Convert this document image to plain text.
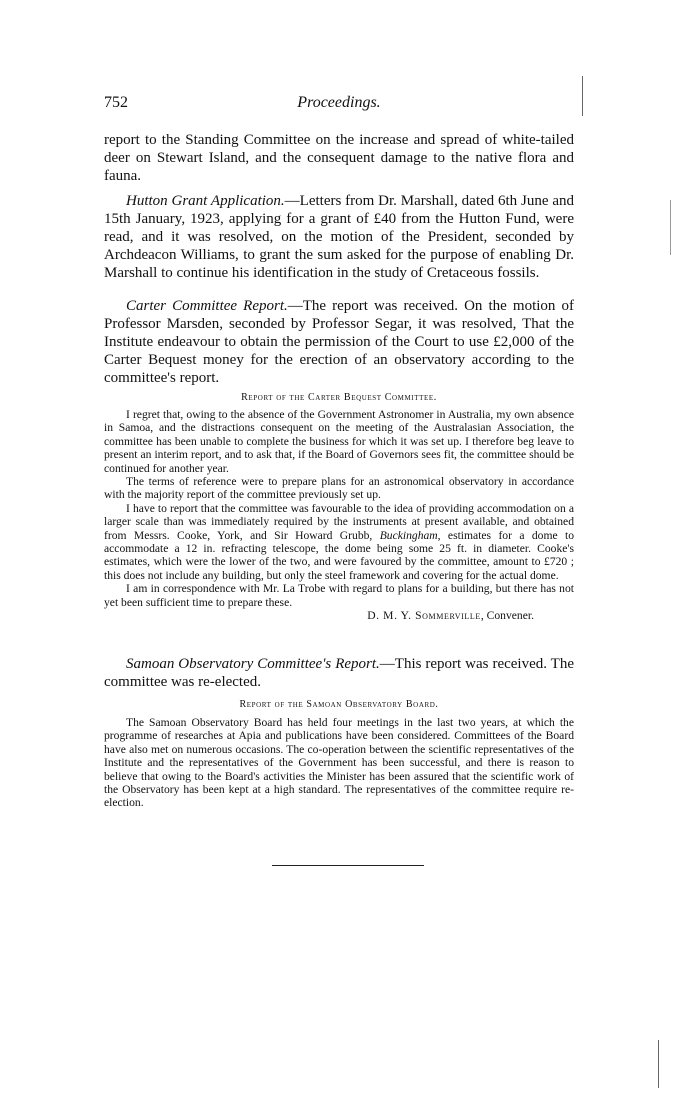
752	Proceedings.

report to the Standing Committee on the increase and spread of white-tailed deer on Stewart Island, and the consequent damage to the native flora and fauna.

Hutton Grant Application.—Letters from Dr. Marshall, dated 6th June and 15th January, 1923, applying for a grant of £40 from the Hutton Fund, were read, and it was resolved, on the motion of the President, seconded by Archdeacon Williams, to grant the sum asked for the purpose of enabling Dr. Marshall to continue his identification in the study of Cretaceous fossils.

Carter Committee Report.—The report was received. On the motion of Professor Marsden, seconded by Professor Segar, it was resolved, That the Institute endeavour to obtain the permission of the Court to use £2,000 of the Carter Bequest money for the erection of an observatory according to the committee's report.

Report of the Carter Bequest Committee.

I regret that, owing to the absence of the Government Astronomer in Australia, my own absence in Samoa, and the distractions consequent on the meeting of the Australasian Association, the committee has been unable to complete the business for which it was set up. I therefore beg leave to present an interim report, and to ask that, if the Board of Governors sees fit, the committee should be continued for another year.

The terms of reference were to prepare plans for an astronomical observatory in accordance with the majority report of the committee previously set up.

I have to report that the committee was favourable to the idea of providing accommodation on a larger scale than was immediately required by the instruments at present available, and obtained from Messrs. Cooke, York, and Sir Howard Grubb, Buckingham, estimates for a dome to accommodate a 12 in. refracting telescope, the dome being some 25 ft. in diameter. Cooke's estimates, which were the lower of the two, and were favoured by the committee, amount to £720 ; this does not include any building, but only the steel framework and covering for the actual dome.

I am in correspondence with Mr. La Trobe with regard to plans for a building, but there has not yet been sufficient time to prepare these.

D. M. Y. Sommerville, Convener.

Samoan Observatory Committee's Report.—This report was received. The committee was re-elected.

Report of the Samoan Observatory Board.

The Samoan Observatory Board has held four meetings in the last two years, at which the programme of researches at Apia and publications have been considered. Committees of the Board have also met on numerous occasions. The co-operation between the scientific representatives of the Institute and the representatives of the Government has been successful, and there is reason to believe that owing to the Board's activities the Minister has been assured that the scientific work of the Observatory has been kept at a high standard. The representatives of the committee require re-election.
